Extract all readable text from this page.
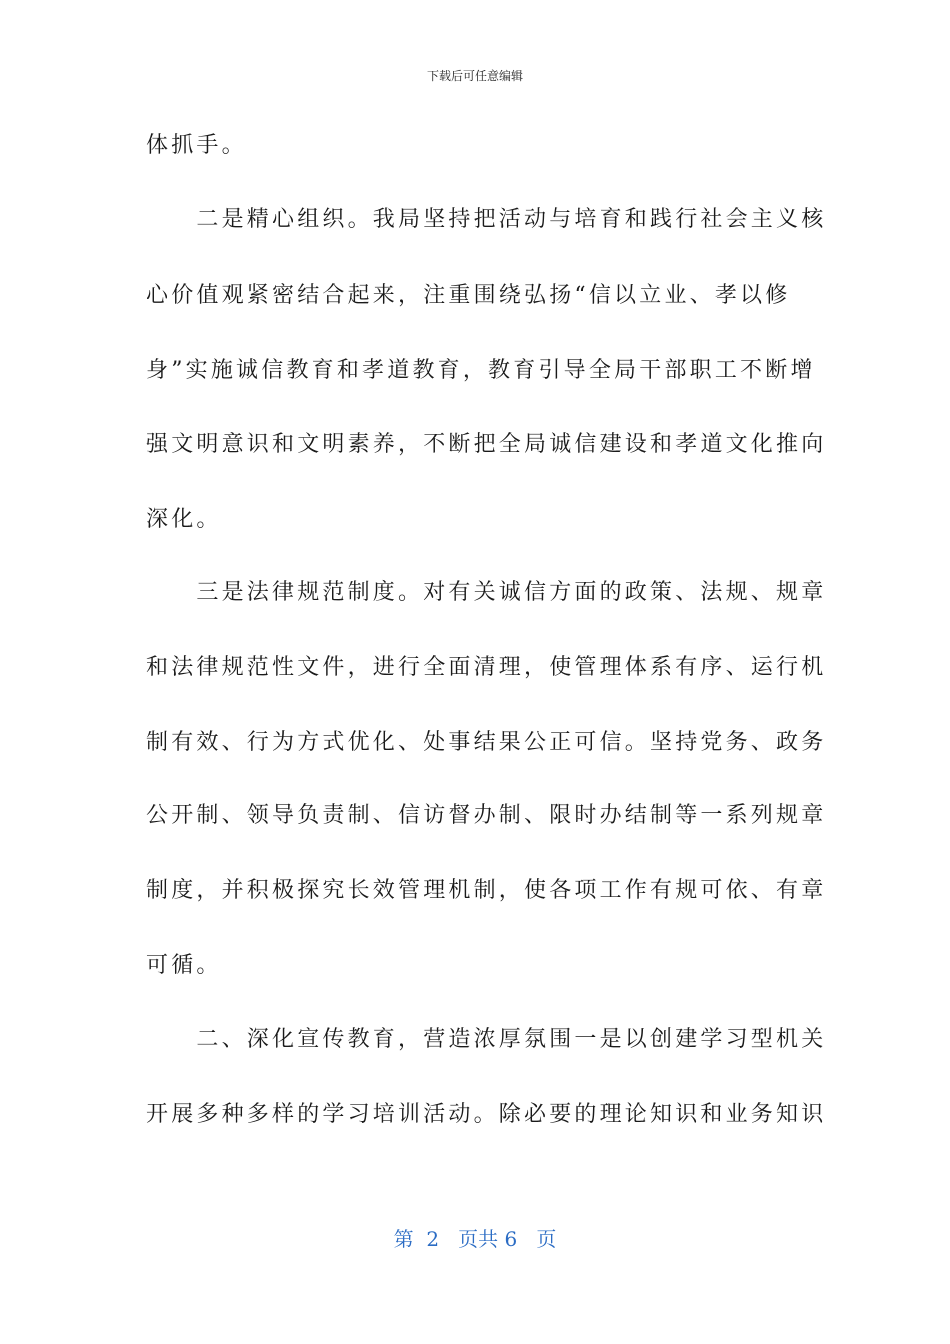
下载后可任意编辑
体抓手。
　　二是精心组织。我局坚持把活动与培育和践行社会主义核
心价值观紧密结合起来，注重围绕弘扬“信以立业、孝以修
身”实施诚信教育和孝道教育，教育引导全局干部职工不断增
强文明意识和文明素养，不断把全局诚信建设和孝道文化推向
深化。
　　三是法律规范制度。对有关诚信方面的政策、法规、规章
和法律规范性文件，进行全面清理，使管理体系有序、运行机
制有效、行为方式优化、处事结果公正可信。坚持党务、政务
公开制、领导负责制、信访督办制、限时办结制等一系列规章
制度，并积极探究长效管理机制，使各项工作有规可依、有章
可循。
　　二、深化宣传教育，营造浓厚氛围一是以创建学习型机关
开展多种多样的学习培训活动。除必要的理论知识和业务知识
第  2   页共 6   页
